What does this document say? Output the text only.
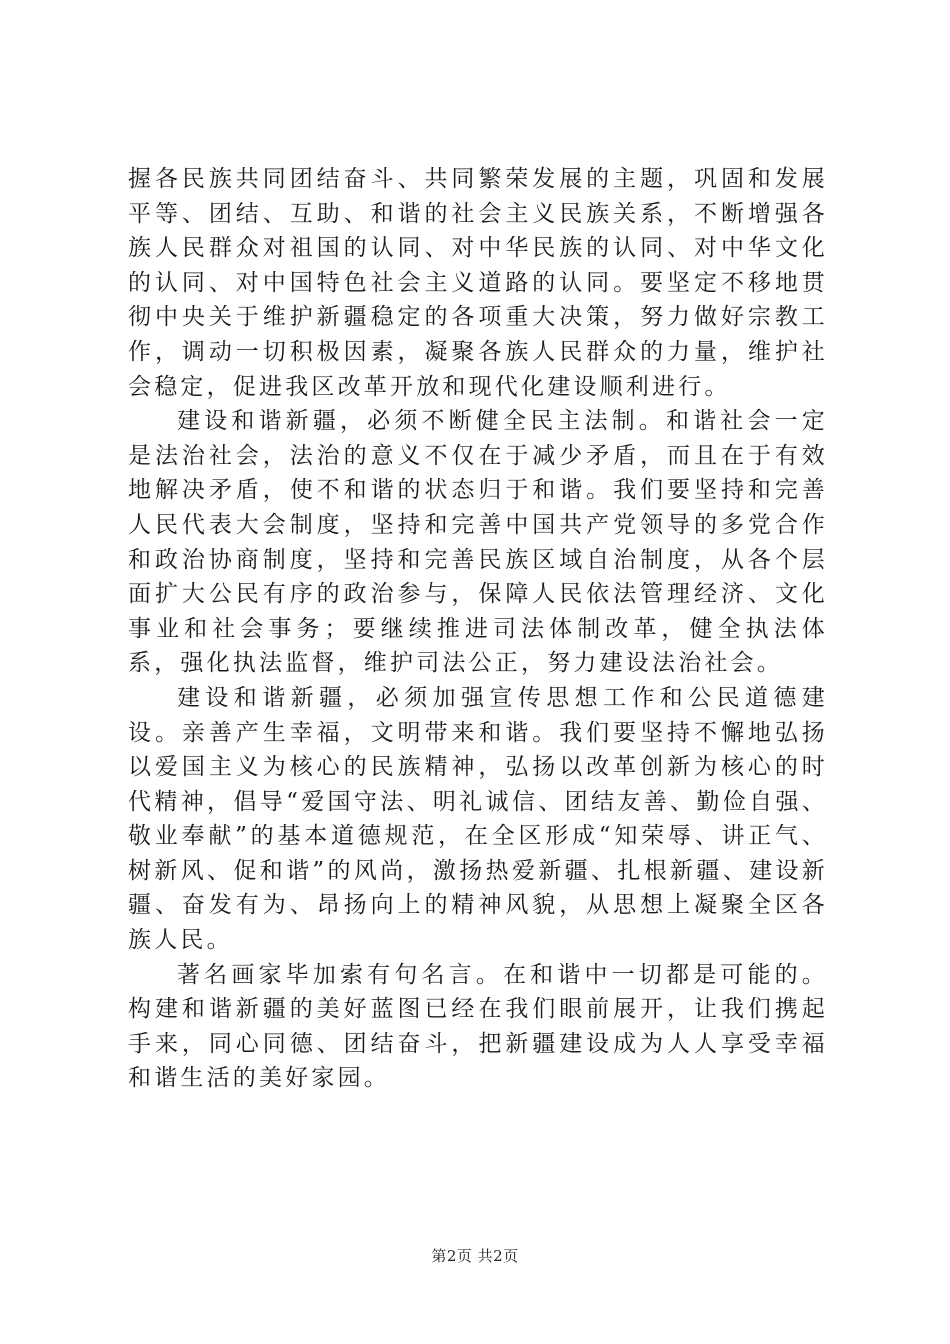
握各民族共同团结奋斗、共同繁荣发展的主题，巩固和发展平等、团结、互助、和谐的社会主义民族关系，不断增强各族人民群众对祖国的认同、对中华民族的认同、对中华文化的认同、对中国特色社会主义道路的认同。要坚定不移地贯彻中央关于维护新疆稳定的各项重大决策，努力做好宗教工作，调动一切积极因素，凝聚各族人民群众的力量，维护社会稳定，促进我区改革开放和现代化建设顺利进行。

建设和谐新疆，必须不断健全民主法制。和谐社会一定是法治社会，法治的意义不仅在于减少矛盾，而且在于有效地解决矛盾，使不和谐的状态归于和谐。我们要坚持和完善人民代表大会制度，坚持和完善中国共产党领导的多党合作和政治协商制度，坚持和完善民族区域自治制度，从各个层面扩大公民有序的政治参与，保障人民依法管理经济、文化事业和社会事务；要继续推进司法体制改革，健全执法体系，强化执法监督，维护司法公正，努力建设法治社会。

建设和谐新疆，必须加强宣传思想工作和公民道德建设。亲善产生幸福，文明带来和谐。我们要坚持不懈地弘扬以爱国主义为核心的民族精神，弘扬以改革创新为核心的时代精神，倡导“爱国守法、明礼诚信、团结友善、勤俭自强、敬业奉献”的基本道德规范，在全区形成“知荣辱、讲正气、树新风、促和谐”的风尚，激扬热爱新疆、扎根新疆、建设新疆、奋发有为、昂扬向上的精神风貌，从思想上凝聚全区各族人民。

著名画家毕加索有句名言。在和谐中一切都是可能的。构建和谐新疆的美好蓝图已经在我们眼前展开，让我们携起手来，同心同德、团结奋斗，把新疆建设成为人人享受幸福和谐生活的美好家园。

第2页 共2页
